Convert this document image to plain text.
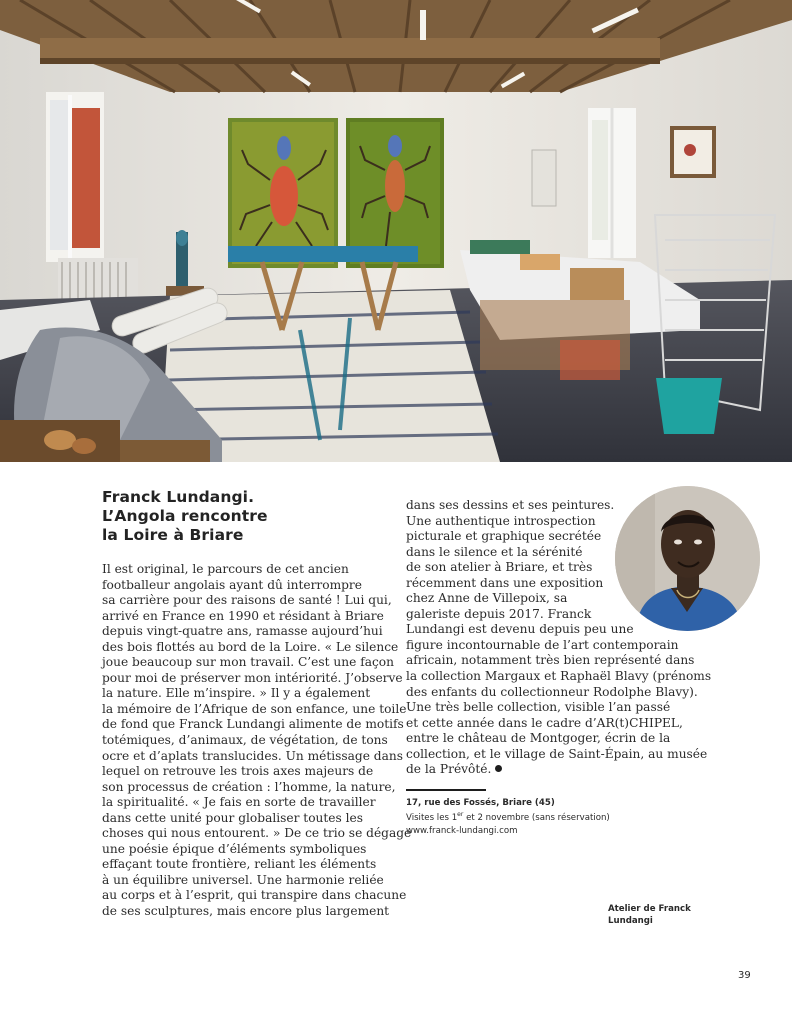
Franck Lundangi.
L’Angola rencontre
la Loire à Briare
Il est original, le parcours de cet ancien
footballeur angolais ayant dû interrompre
sa carrière pour des raisons de santé ! Lui qui,
arrivé en France en 1990 et résidant à Briare
depuis vingt-quatre ans, ramasse aujourd’hui
des bois flottés au bord de la Loire. « Le silence
joue beaucoup sur mon travail. C’est une façon
pour moi de préserver mon intériorité. J’observe
la nature. Elle m’inspire. » Il y a également
la mémoire de l’Afrique de son enfance, une toile
de fond que Franck Lundangi alimente de motifs
totémiques, d’animaux, de végétation, de tons
ocre et d’aplats translucides. Un métissage dans
lequel on retrouve les trois axes majeurs de
son processus de création : l’homme, la nature,
la spiritualité. « Je fais en sorte de travailler
dans cette unité pour globaliser toutes les
choses qui nous entourent. » De ce trio se dégage
une poésie épique d’éléments symboliques
effaçant toute frontière, reliant les éléments
à un équilibre universel. Une harmonie reliée
au corps et à l’esprit, qui transpire dans chacune
de ses sculptures, mais encore plus largement
dans ses dessins et ses peintures.
Une authentique introspection
picturale et graphique secrétée
dans le silence et la sérénité
de son atelier à Briare, et très
récemment dans une exposition
chez Anne de Villepoix, sa
galeriste depuis 2017. Franck
Lundangi est devenu depuis peu une
figure incontournable de l’art contemporain
africain, notamment très bien représenté dans
la collection Margaux et Raphaël Blavy (prénoms
des enfants du collectionneur Rodolphe Blavy).
Une très belle collection, visible l’an passé
et cette année dans le cadre d’AR(t)CHIPEL,
entre le château de Montgoger, écrin de la
collection, et le village de Saint-Épain, au musée
de la Prévôté.
17, rue des Fossés, Briare (45)
Visites les 1er et 2 novembre (sans réservation)
www.franck-lundangi.com
Atelier de Franck
Lundangi
39
